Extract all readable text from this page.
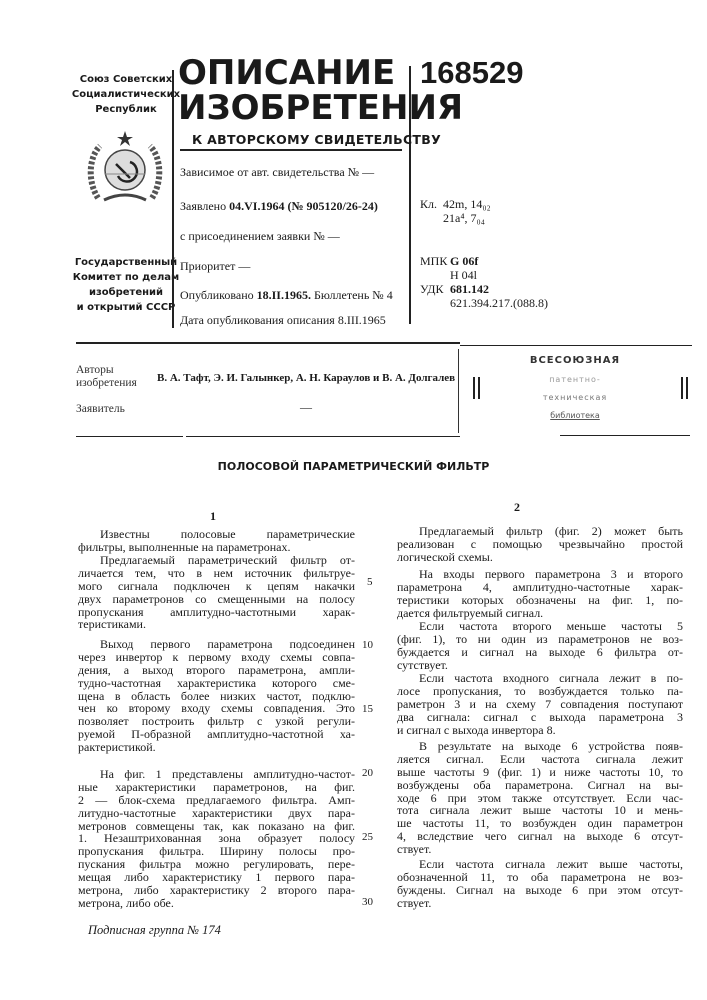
Союз Советских
Социалистических
Республик
Государственный
Комитет по делам
изобретений
и открытий СССР
ОПИСАНИЕ
ИЗОБРЕТЕНИЯ
К АВТОРСКОМУ СВИДЕТЕЛЬСТВУ
168529
Зависимое от авт. свидетельства № —
Заявлено 04.VI.1964 (№ 905120/26-24)
с присоединением заявки № —
Приоритет —
Опубликовано 18.II.1965. Бюллетень № 4
Дата опубликования описания 8.III.1965
Кл. 42m, 14₀₂
21a⁴, 7₀₄
МПК G 06f
H 04l
УДК 681.142
621.394.217.(088.8)
Авторы
изобретения В. А. Тафт, Э. И. Галынкер, А. Н. Караулов и В. А. Долгалев
Заявитель	—
ВСЕСОЮЗНАЯ
патентно-
техническая
библиотека
ПОЛОСОВОЙ ПАРАМЕТРИЧЕСКИЙ ФИЛЬТР
1
2
Известны полосовые параметрические
фильтры, выполненные на параметронах.
Предлагаемый параметрический фильтр от-
личается тем, что в нем источник фильтруе-
мого сигнала подключен к цепям накачки
двух параметронов со смещенными на полосу
пропускания амплитудно-частотными харак-
теристиками.
Выход первого параметрона подсоединен
через инвертор к первому входу схемы совпа-
дения, а выход второго параметрона, ампли-
тудно-частотная характеристика которого сме-
щена в область более низких частот, подклю-
чен ко второму входу схемы совпадения. Это
позволяет построить фильтр с узкой регули-
руемой П-образной амплитудно-частотной ха-
рактеристикой.
На фиг. 1 представлены амплитудно-частот-
ные характеристики параметронов, на фиг.
2 — блок-схема предлагаемого фильтра. Амп-
литудно-частотные характеристики двух пара-
метронов совмещены так, как показано на фиг.
1. Незаштрихованная зона образует полосу
пропускания фильтра. Ширину полосы про-
пускания фильтра можно регулировать, пере-
мещая либо характеристику 1 первого пара-
метрона, либо характеристику 2 второго пара-
метрона, либо обе.
Предлагаемый фильтр (фиг. 2) может быть
реализован с помощью чрезвычайно простой
логической схемы.
На входы первого параметрона 3 и второго
параметрона 4, амплитудно-частотные харак-
теристики которых обозначены на фиг. 1, по-
дается фильтруемый сигнал.
Если частота второго меньше частоты 5
(фиг. 1), то ни один из параметронов не воз-
буждается и сигнал на выходе 6 фильтра от-
сутствует.
Если частота входного сигнала лежит в по-
лосе пропускания, то возбуждается только па-
раметрон 3 и на схему 7 совпадения поступают
два сигнала: сигнал с выхода параметрона 3
и сигнал с выхода инвертора 8.
В результате на выходе 6 устройства появ-
ляется сигнал. Если частота сигнала лежит
выше частоты 9 (фиг. 1) и ниже частоты 10, то
возбуждены оба параметрона. Сигнал на вы-
ходе 6 при этом также отсутствует. Если час-
тота сигнала лежит выше частоты 10 и мень-
ше частоты 11, то возбужден один параметрон
4, вследствие чего сигнал на выходе 6 отсут-
ствует.
Если частота сигнала лежит выше частоты,
обозначенной 11, то оба параметрона не воз-
буждены. Сигнал на выходе 6 при этом отсут-
ствует.
5
10
15
20
25
30
Подписная группа № 174
